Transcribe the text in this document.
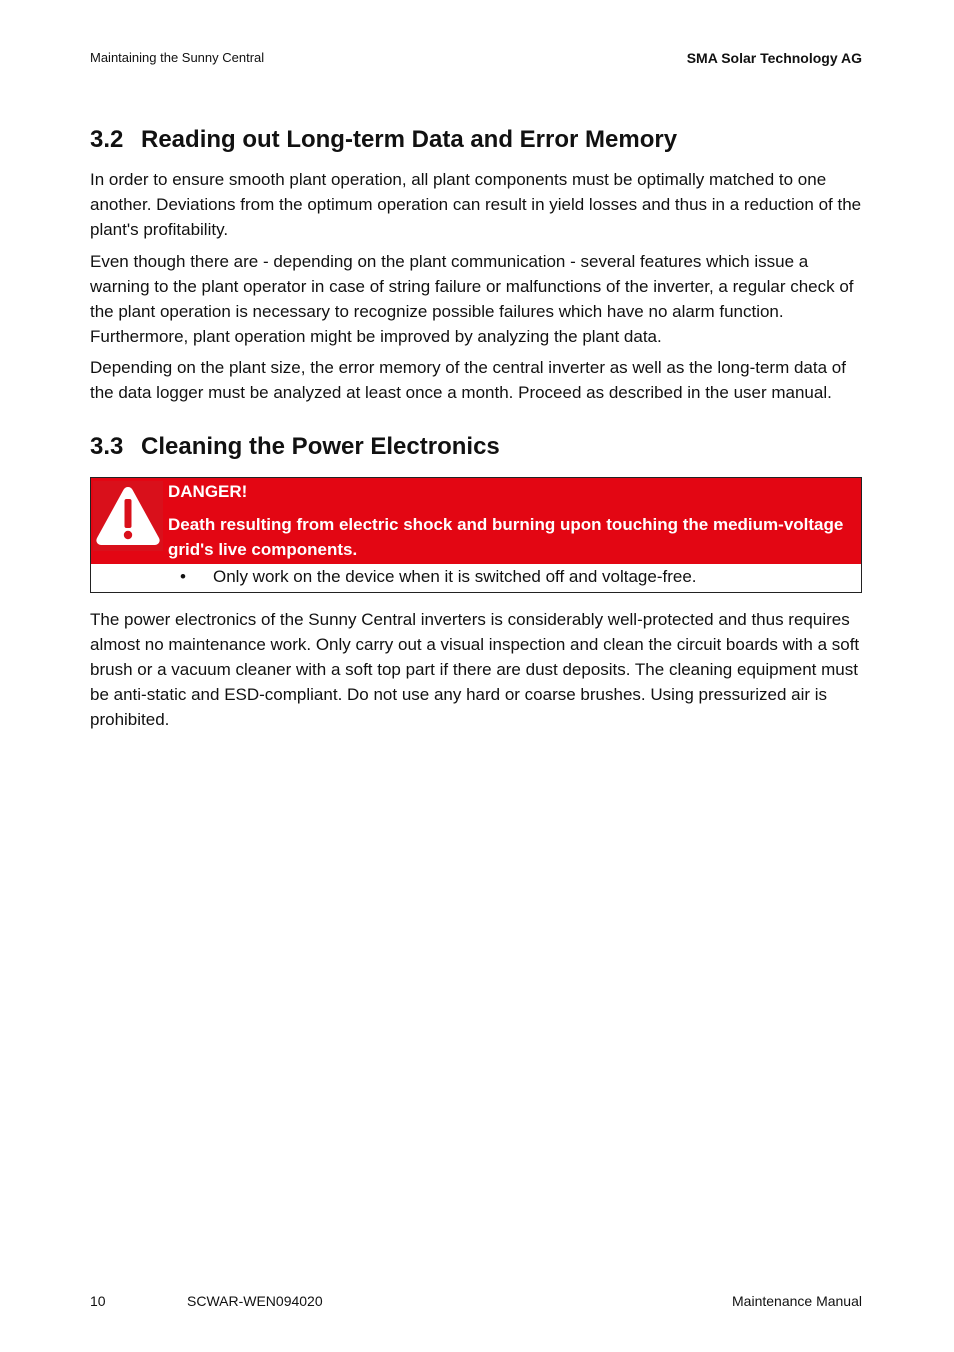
Maintaining the Sunny Central	SMA Solar Technology AG
3.2 Reading out Long-term Data and Error Memory

In order to ensure smooth plant operation, all plant components must be optimally matched to one another. Deviations from the optimum operation can result in yield losses and thus in a reduction of the plant's profitability.

Even though there are - depending on the plant communication - several features which issue a warning to the plant operator in case of string failure or malfunctions of the inverter, a regular check of the plant operation is necessary to recognize possible failures which have no alarm function. Furthermore, plant operation might be improved by analyzing the plant data.

Depending on the plant size, the error memory of the central inverter as well as the long-term data of the data logger must be analyzed at least once a month. Proceed as described in the user manual.

3.3 Cleaning the Power Electronics
DANGER!
Death resulting from electric shock and burning upon touching the medium-voltage grid's live components.
• Only work on the device when it is switched off and voltage-free.

The power electronics of the Sunny Central inverters is considerably well-protected and thus requires almost no maintenance work. Only carry out a visual inspection and clean the circuit boards with a soft brush or a vacuum cleaner with a soft top part if there are dust deposits. The cleaning equipment must be anti-static and ESD-compliant. Do not use any hard or coarse brushes. Using pressurized air is prohibited.

10	SCWAR-WEN094020	Maintenance Manual
